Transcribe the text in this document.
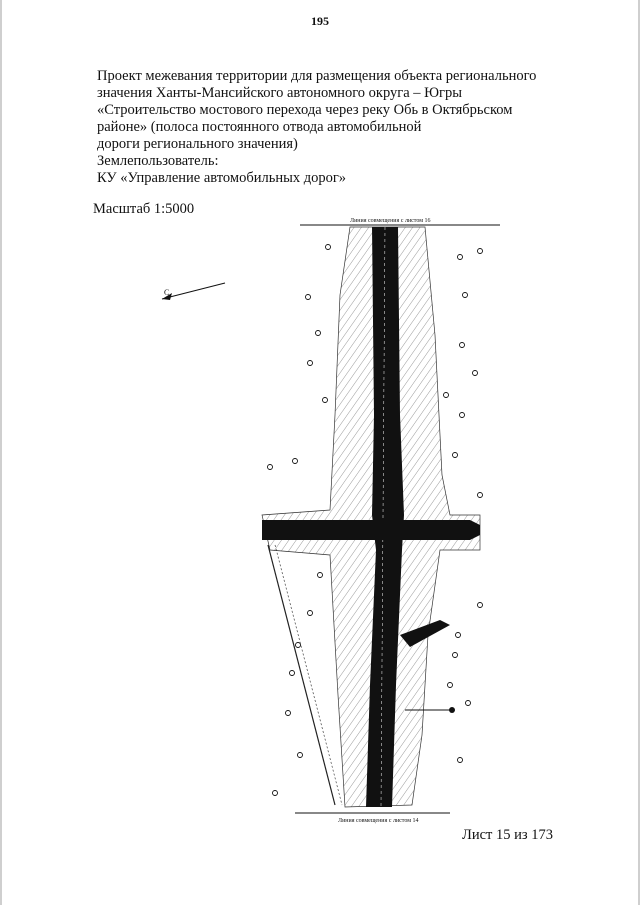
195
Проект межевания территории для размещения объекта регионального
значения Ханты-Мансийского автономного округа – Югры
«Строительство мостового перехода через реку Обь в Октябрьском
районе» (полоса постоянного отвода автомобильной
дороги регионального значения)
Землепользователь:
КУ «Управление автомобильных дорог»
Масштаб 1:5000
Линия совмещения с листом 16
Линия совмещения с листом 14
С
Лист 15 из 173
